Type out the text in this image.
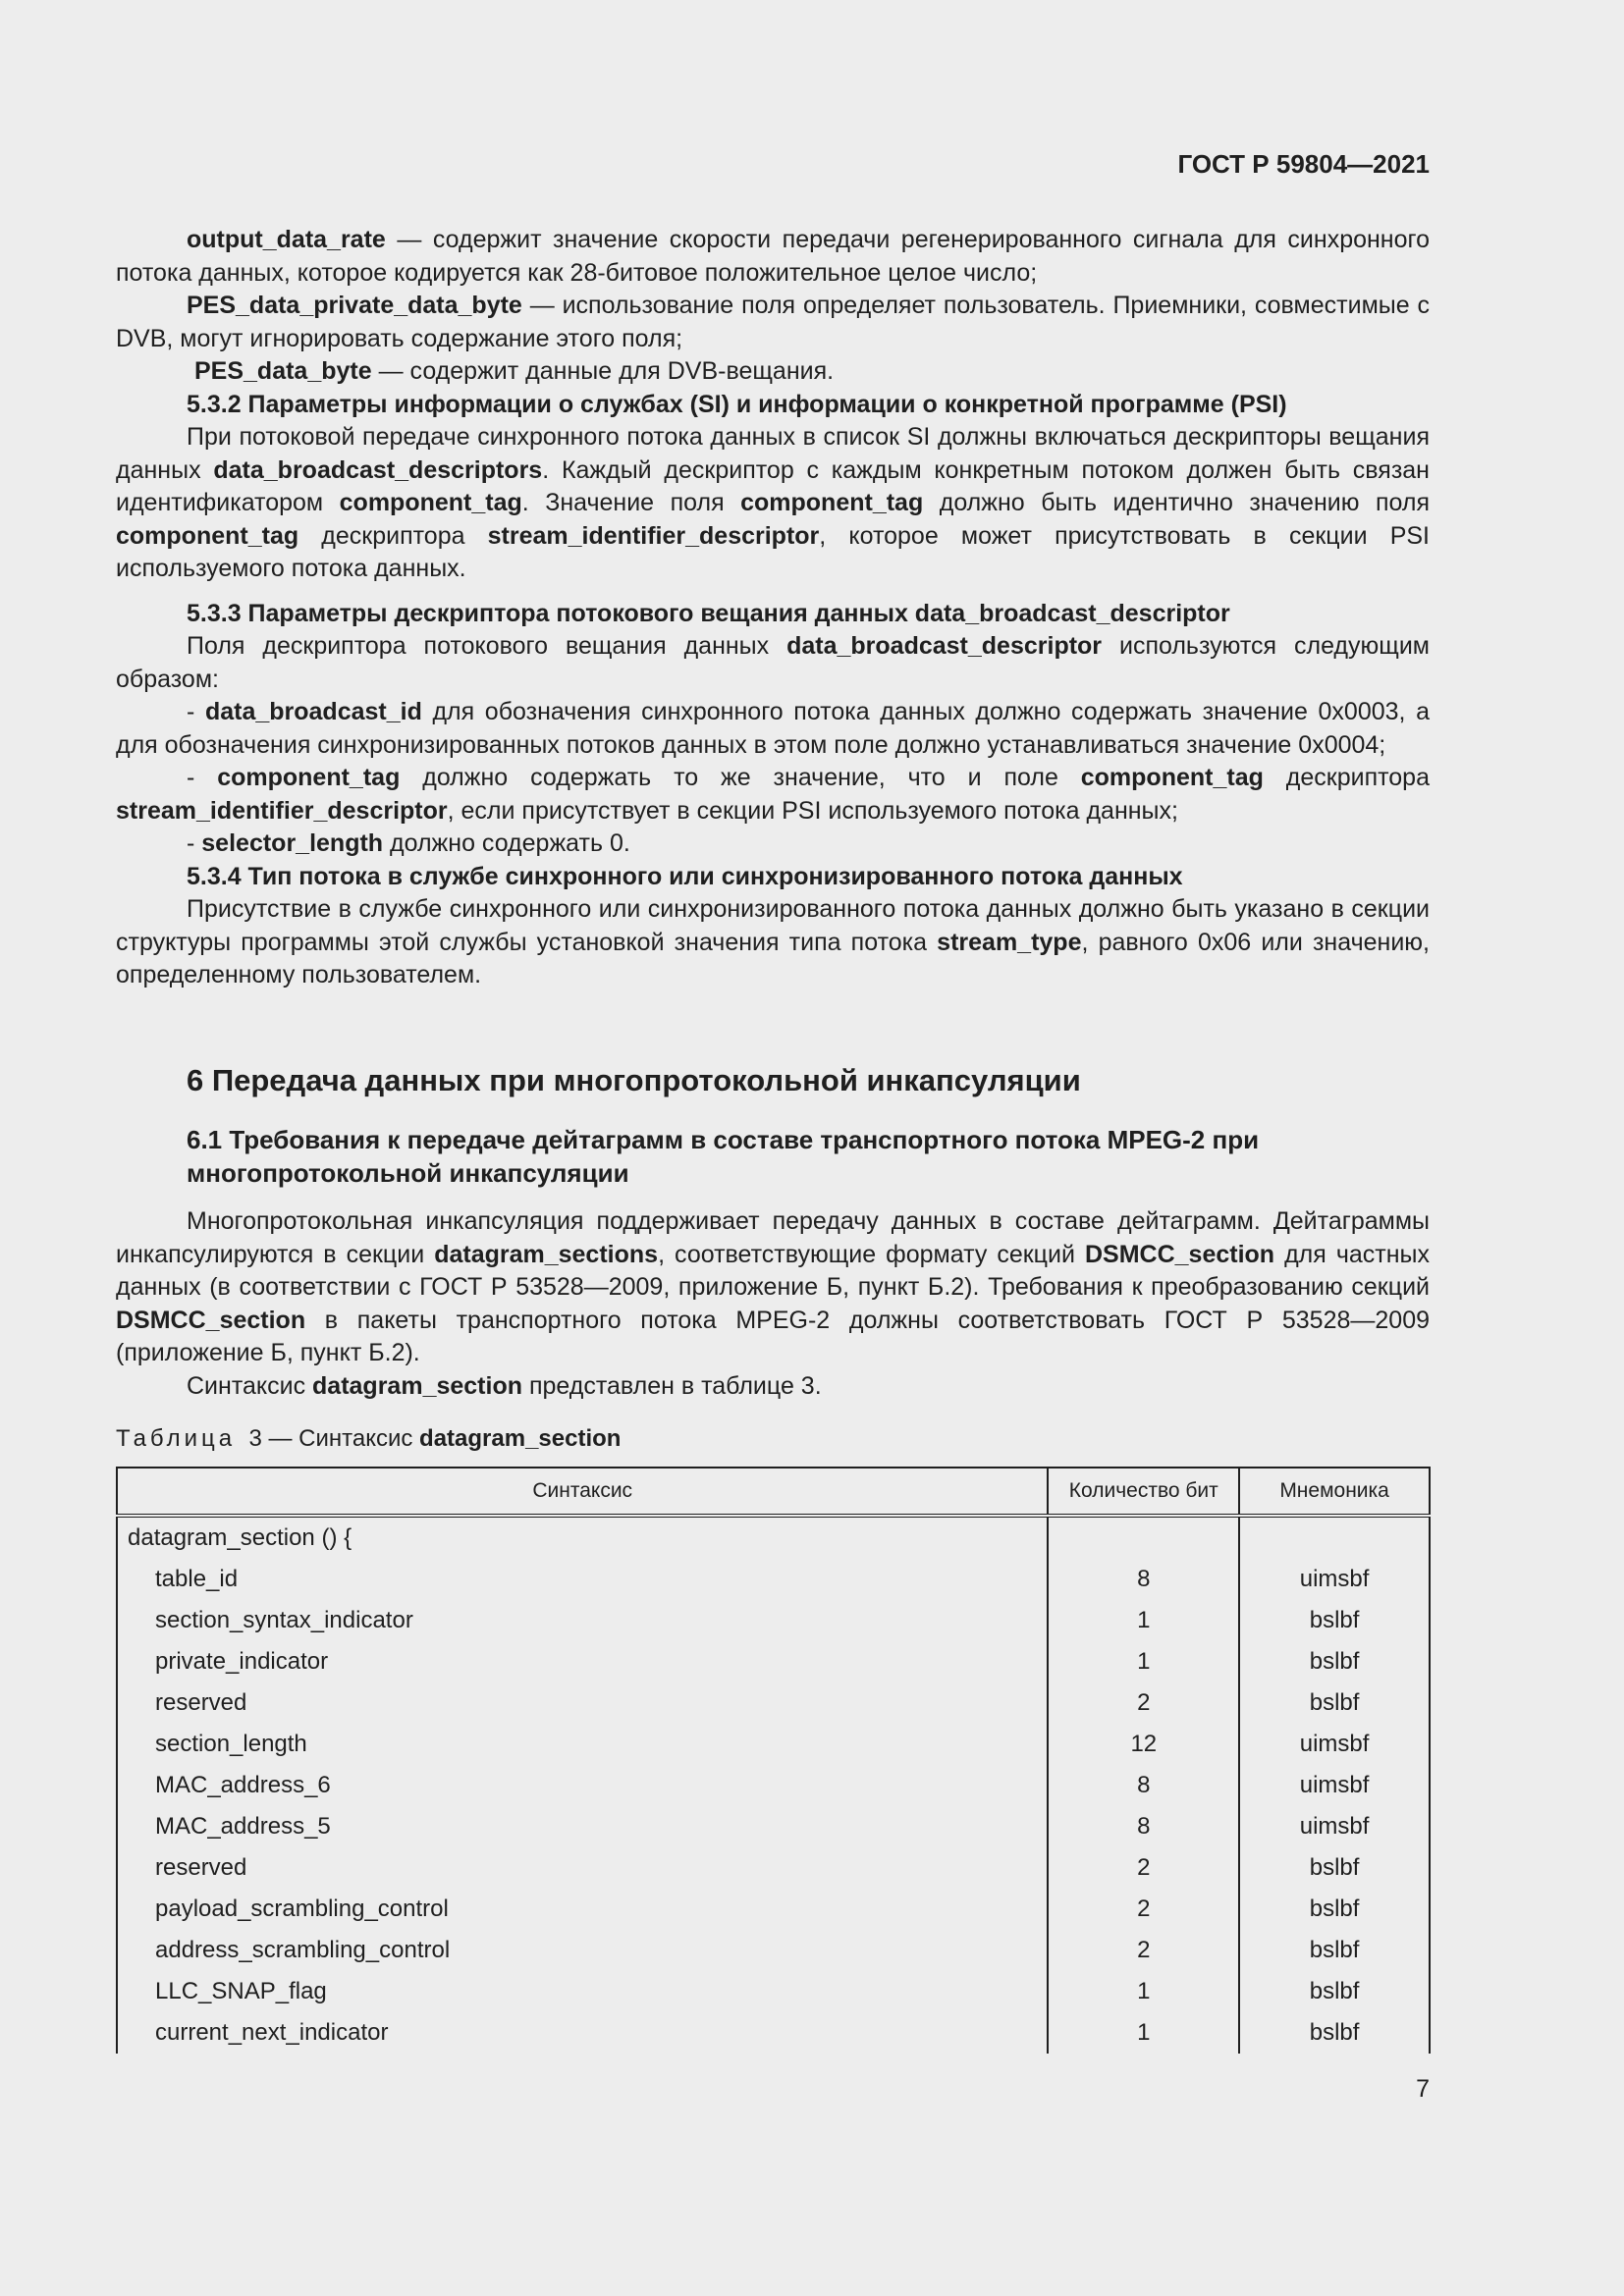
ГОСТ Р 59804—2021

output_data_rate — содержит значение скорости передачи регенерированного сигнала для синхронного потока данных, которое кодируется как 28-битовое положительное целое число;

PES_data_private_data_byte — использование поля определяет пользователь. Приемники, совместимые с DVB, могут игнорировать содержание этого поля;

PES_data_byte — содержит данные для DVB-вещания.

5.3.2 Параметры информации о службах (SI) и информации о конкретной программе (PSI)

При потоковой передаче синхронного потока данных в список SI должны включаться дескрипторы вещания данных data_broadcast_descriptors. Каждый дескриптор с каждым конкретным потоком должен быть связан идентификатором component_tag. Значение поля component_tag должно быть идентично значению поля component_tag дескриптора stream_identifier_descriptor, которое может присутствовать в секции PSI используемого потока данных.

5.3.3 Параметры дескриптора потокового вещания данных data_broadcast_descriptor

Поля дескриптора потокового вещания данных data_broadcast_descriptor используются следующим образом:

- data_broadcast_id для обозначения синхронного потока данных должно содержать значение 0x0003, а для обозначения синхронизированных потоков данных в этом поле должно устанавливаться значение 0x0004;

- component_tag должно содержать то же значение, что и поле component_tag дескриптора stream_identifier_descriptor, если присутствует в секции PSI используемого потока данных;

- selector_length должно содержать 0.

5.3.4 Тип потока в службе синхронного или синхронизированного потока данных

Присутствие в службе синхронного или синхронизированного потока данных должно быть указано в секции структуры программы этой службы установкой значения типа потока stream_type, равного 0x06 или значению, определенному пользователем.

6 Передача данных при многопротокольной инкапсуляции
6.1 Требования к передаче дейтаграмм в составе транспортного потока MPEG-2 при многопротокольной инкапсуляции

Многопротокольная инкапсуляция поддерживает передачу данных в составе дейтаграмм. Дейтаграммы инкапсулируются в секции datagram_sections, соответствующие формату секций DSMCC_section для частных данных (в соответствии с ГОСТ Р 53528—2009, приложение Б, пункт Б.2). Требования к преобразованию секций DSMCC_section в пакеты транспортного потока MPEG-2 должны соответствовать ГОСТ Р 53528—2009 (приложение Б, пункт Б.2).

Синтаксис datagram_section представлен в таблице 3.

Таблица 3 — Синтаксис datagram_section
Синтаксис	Количество бит	Мнемоника
datagram_section () {		
table_id	8	uimsbf
section_syntax_indicator	1	bslbf
private_indicator	1	bslbf
reserved	2	bslbf
section_length	12	uimsbf
MAC_address_6	8	uimsbf
MAC_address_5	8	uimsbf
reserved	2	bslbf
payload_scrambling_control	2	bslbf
address_scrambling_control	2	bslbf
LLC_SNAP_flag	1	bslbf
current_next_indicator	1	bslbf
7
